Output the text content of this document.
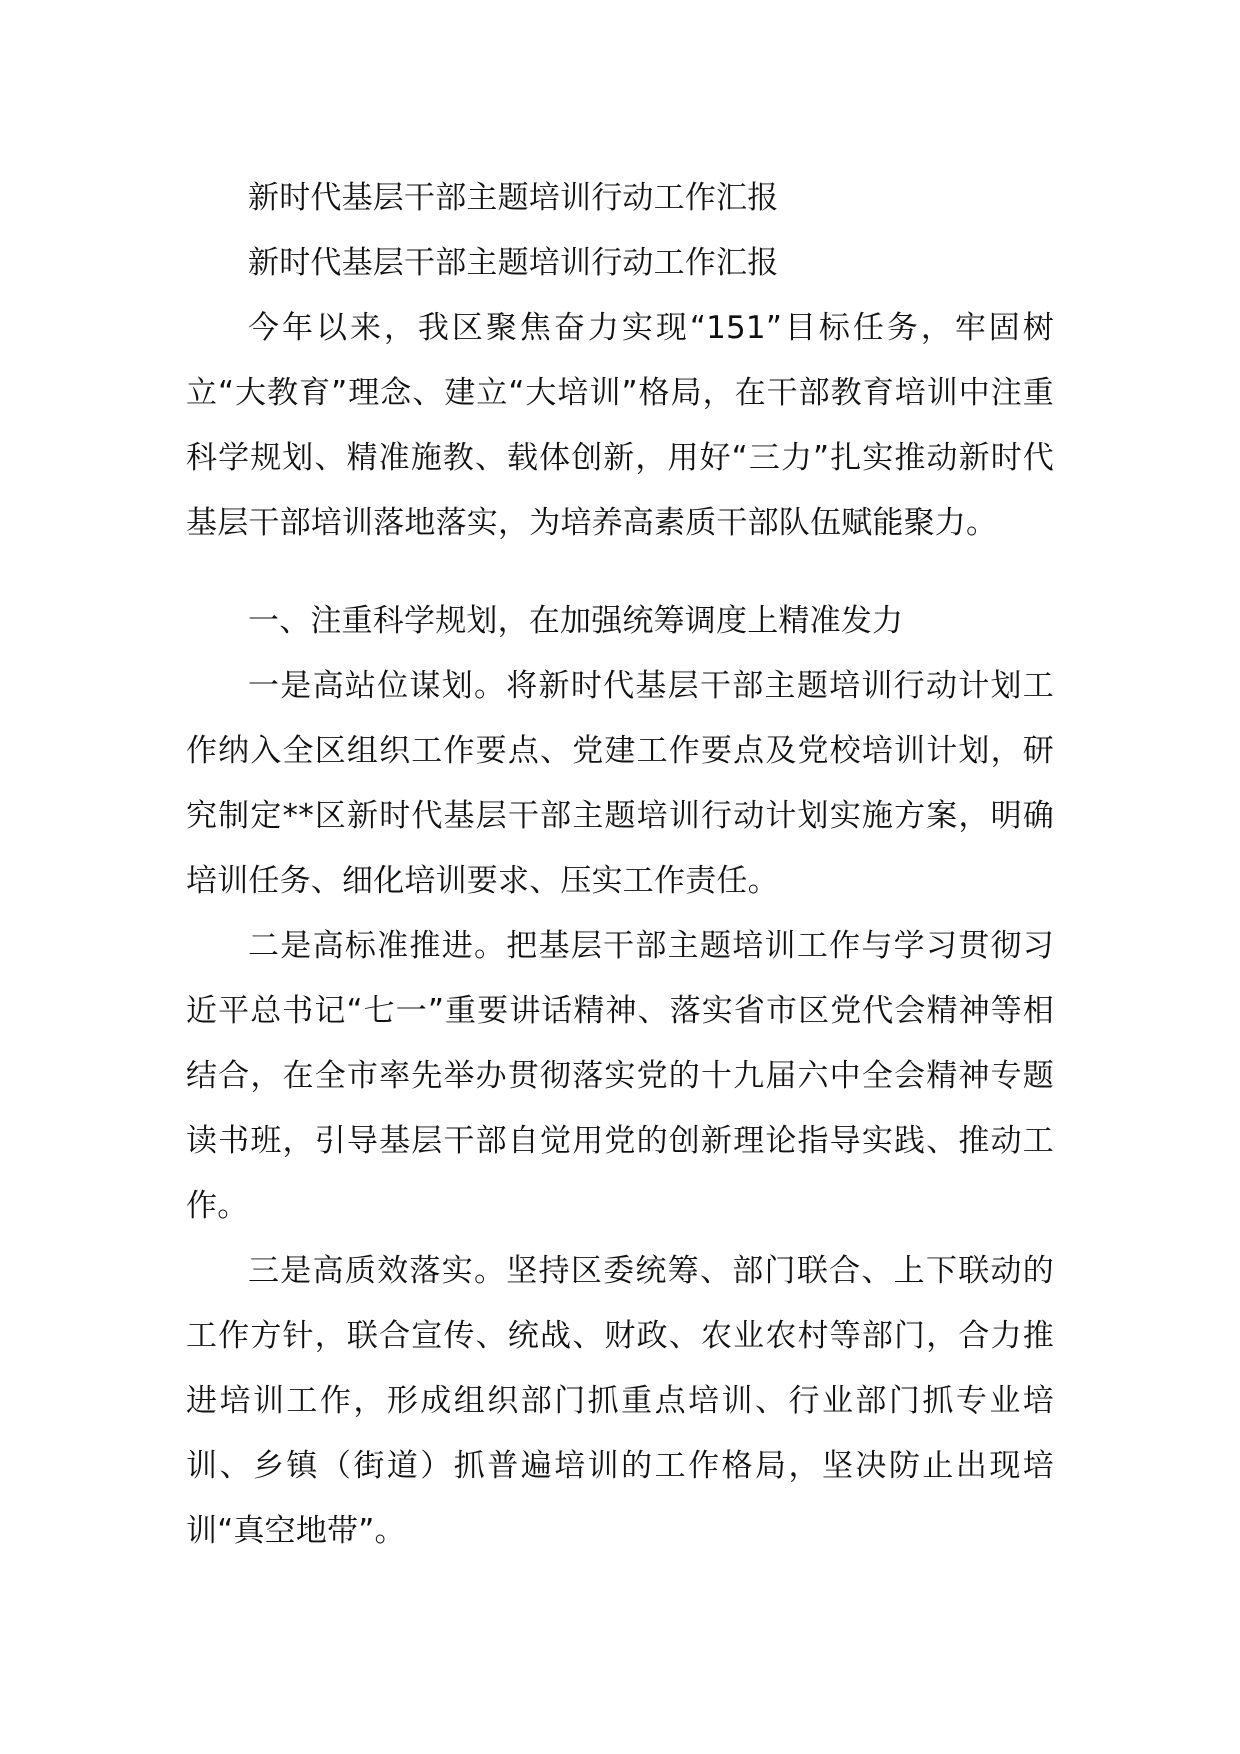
新时代基层干部主题培训行动工作汇报

新时代基层干部主题培训行动工作汇报

今年以来，我区聚焦奋力实现“151”目标任务，牢固树立“大教育”理念、建立“大培训”格局，在干部教育培训中注重科学规划、精准施教、载体创新，用好“三力”扎实推动新时代基层干部培训落地落实，为培养高素质干部队伍赋能聚力。

一、注重科学规划，在加强统筹调度上精准发力

一是高站位谋划。将新时代基层干部主题培训行动计划工作纳入全区组织工作要点、党建工作要点及党校培训计划，研究制定**区新时代基层干部主题培训行动计划实施方案，明确培训任务、细化培训要求、压实工作责任。

二是高标准推进。把基层干部主题培训工作与学习贯彻习近平总书记“七一”重要讲话精神、落实省市区党代会精神等相结合，在全市率先举办贯彻落实党的十九届六中全会精神专题读书班，引导基层干部自觉用党的创新理论指导实践、推动工作。

三是高质效落实。坚持区委统筹、部门联合、上下联动的工作方针，联合宣传、统战、财政、农业农村等部门，合力推进培训工作，形成组织部门抓重点培训、行业部门抓专业培训、乡镇（街道）抓普遍培训的工作格局，坚决防止出现培训“真空地带”。
